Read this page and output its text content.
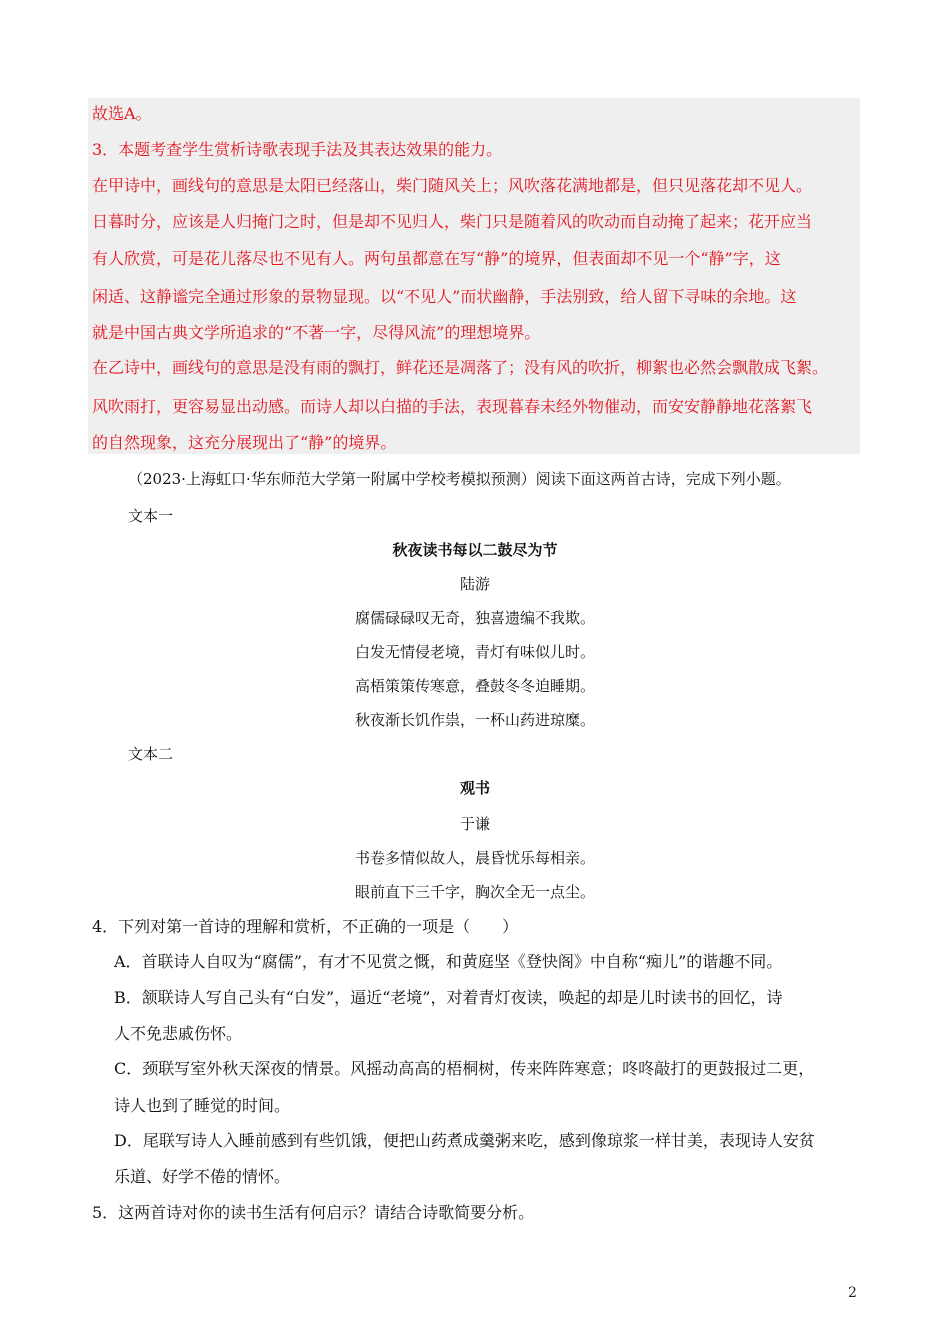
故选A。
3．本题考查学生赏析诗歌表现手法及其表达效果的能力。
在甲诗中，画线句的意思是太阳已经落山，柴门随风关上；风吹落花满地都是，但只见落花却不见人。
日暮时分，应该是人归掩门之时，但是却不见归人，柴门只是随着风的吹动而自动掩了起来；花开应当
有人欣赏，可是花儿落尽也不见有人。两句虽都意在写“静”的境界，但表面却不见一个“静”字，这
闲适、这静谧完全通过形象的景物显现。以“不见人”而状幽静，手法别致，给人留下寻味的余地。这
就是中国古典文学所追求的“不著一字，尽得风流”的理想境界。
在乙诗中，画线句的意思是没有雨的飘打，鲜花还是凋落了；没有风的吹折，柳絮也必然会飘散成飞絮。
风吹雨打，更容易显出动感。而诗人却以白描的手法，表现暮春未经外物催动，而安安静静地花落絮飞
的自然现象，这充分展现出了“静”的境界。
（2023·上海虹口·华东师范大学第一附属中学校考模拟预测）阅读下面这两首古诗，完成下列小题。
文本一
秋夜读书每以二鼓尽为节
陆游
腐儒碌碌叹无奇，独喜遗编不我欺。
白发无情侵老境，青灯有味似儿时。
高梧策策传寒意，叠鼓冬冬迫睡期。
秋夜渐长饥作祟，一杯山药进琼糜。
文本二
观书
于谦
书卷多情似故人，晨昏忧乐每相亲。
眼前直下三千字，胸次全无一点尘。
4．下列对第一首诗的理解和赏析，不正确的一项是（　　）
A．首联诗人自叹为“腐儒”，有才不见赏之慨，和黄庭坚《登快阁》中自称“痴儿”的谐趣不同。
B．颔联诗人写自己头有“白发”，逼近“老境”，对着青灯夜读，唤起的却是儿时读书的回忆，诗
人不免悲戚伤怀。
C．颈联写室外秋天深夜的情景。风摇动高高的梧桐树，传来阵阵寒意；咚咚敲打的更鼓报过二更，
诗人也到了睡觉的时间。
D．尾联写诗人入睡前感到有些饥饿，便把山药煮成羹粥来吃，感到像琼浆一样甘美，表现诗人安贫
乐道、好学不倦的情怀。
5．这两首诗对你的读书生活有何启示？请结合诗歌简要分析。
2
